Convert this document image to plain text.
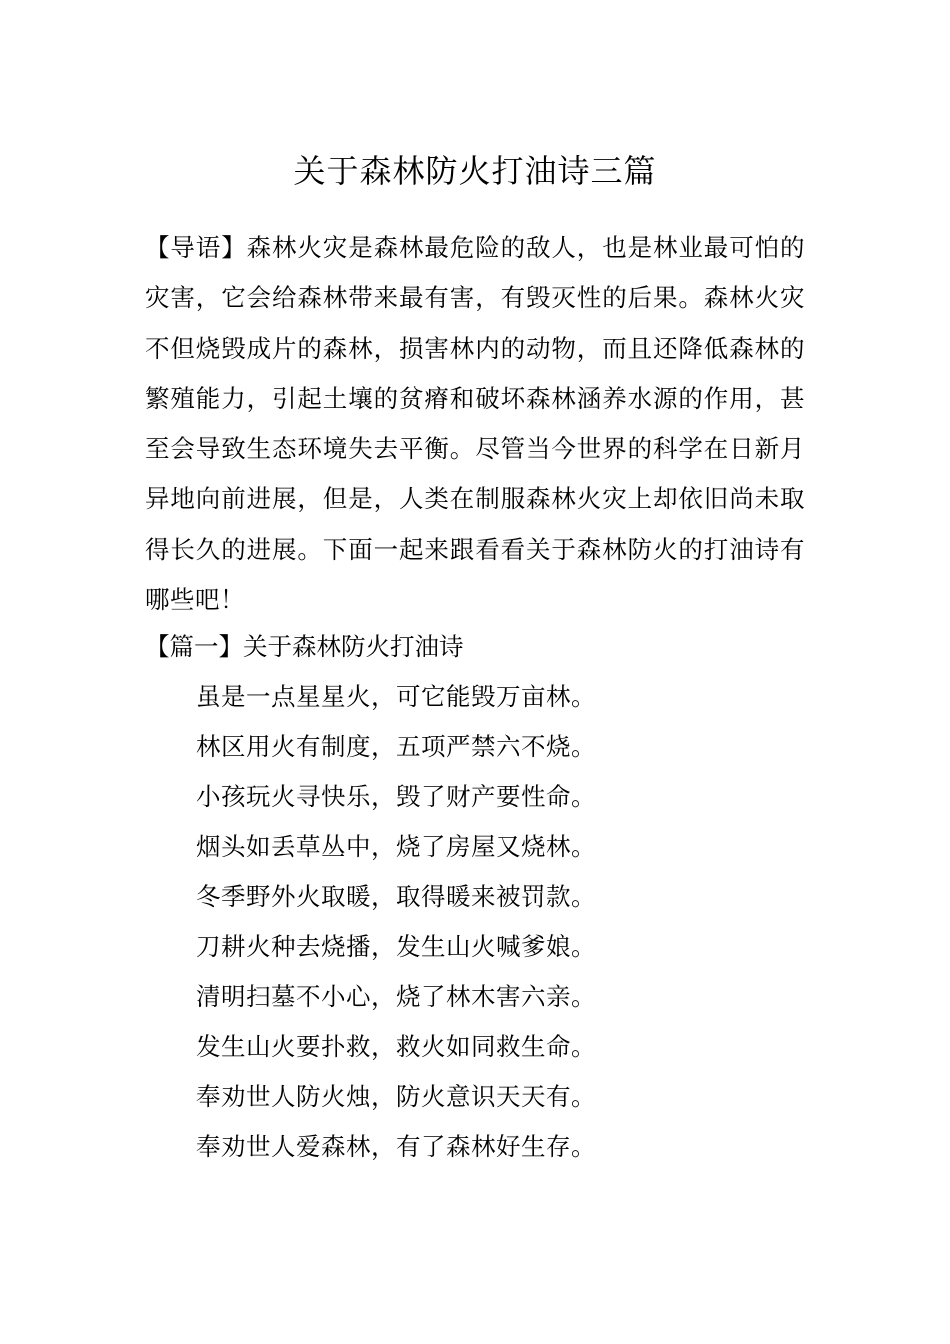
关于森林防火打油诗三篇

【导语】森林火灾是森林最危险的敌人，也是林业最可怕的灾害，它会给森林带来最有害，有毁灭性的后果。森林火灾不但烧毁成片的森林，损害林内的动物，而且还降低森林的繁殖能力，引起土壤的贫瘠和破坏森林涵养水源的作用，甚至会导致生态环境失去平衡。尽管当今世界的科学在日新月异地向前进展，但是，人类在制服森林火灾上却依旧尚未取得长久的进展。下面一起来跟看看关于森林防火的打油诗有哪些吧！

【篇一】关于森林防火打油诗

虽是一点星星火，可它能毁万亩林。
林区用火有制度，五项严禁六不烧。
小孩玩火寻快乐，毁了财产要性命。
烟头如丢草丛中，烧了房屋又烧林。
冬季野外火取暖，取得暖来被罚款。
刀耕火种去烧播，发生山火喊爹娘。
清明扫墓不小心，烧了林木害六亲。
发生山火要扑救，救火如同救生命。
奉劝世人防火烛，防火意识天天有。
奉劝世人爱森林，有了森林好生存。
